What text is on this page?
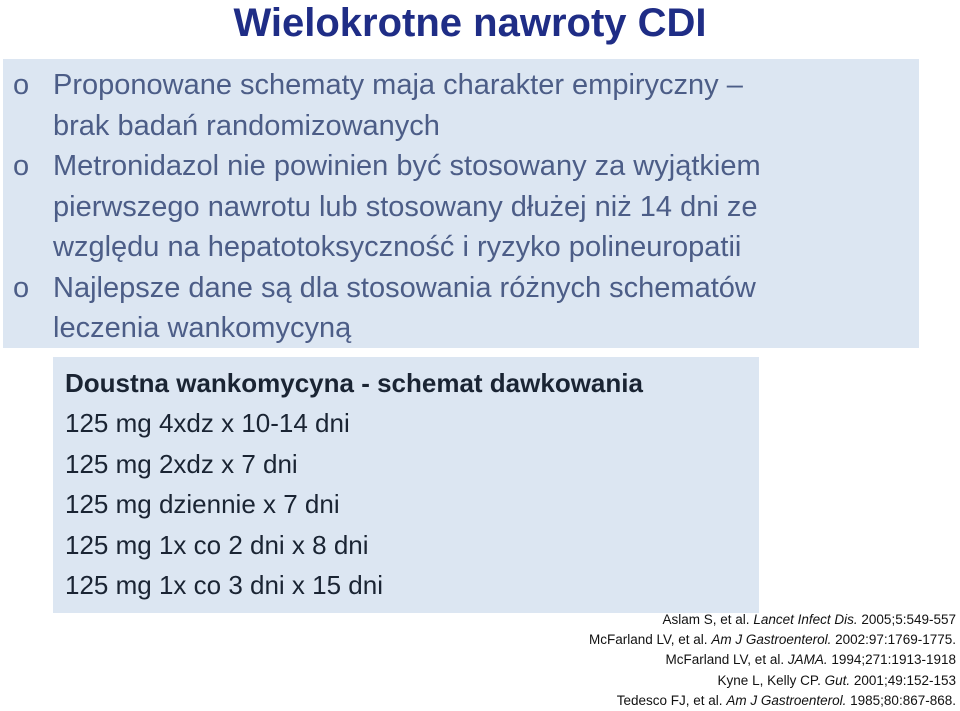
Wielokrotne nawroty CDI
o Proponowane schematy maja charakter empiryczny –
brak badań randomizowanych
o Metronidazol nie powinien być stosowany za wyjątkiem
pierwszego nawrotu lub stosowany dłużej niż 14 dni ze
względu na hepatotoksyczność i ryzyko polineuropatii
o Najlepsze dane są dla stosowania różnych schematów
leczenia wankomycyną
Doustna wankomycyna - schemat dawkowania
125 mg 4xdz x 10-14 dni
125 mg 2xdz x 7 dni
125 mg dziennie x 7 dni
125 mg 1x co 2 dni x 8 dni
125 mg 1x co 3 dni x 15 dni
Aslam S, et al. Lancet Infect Dis. 2005;5:549-557
McFarland LV, et al. Am J Gastroenterol. 2002:97:1769-1775.
McFarland LV, et al. JAMA. 1994;271:1913-1918
Kyne L, Kelly CP. Gut. 2001;49:152-153
Tedesco FJ, et al. Am J Gastroenterol. 1985;80:867-868.
